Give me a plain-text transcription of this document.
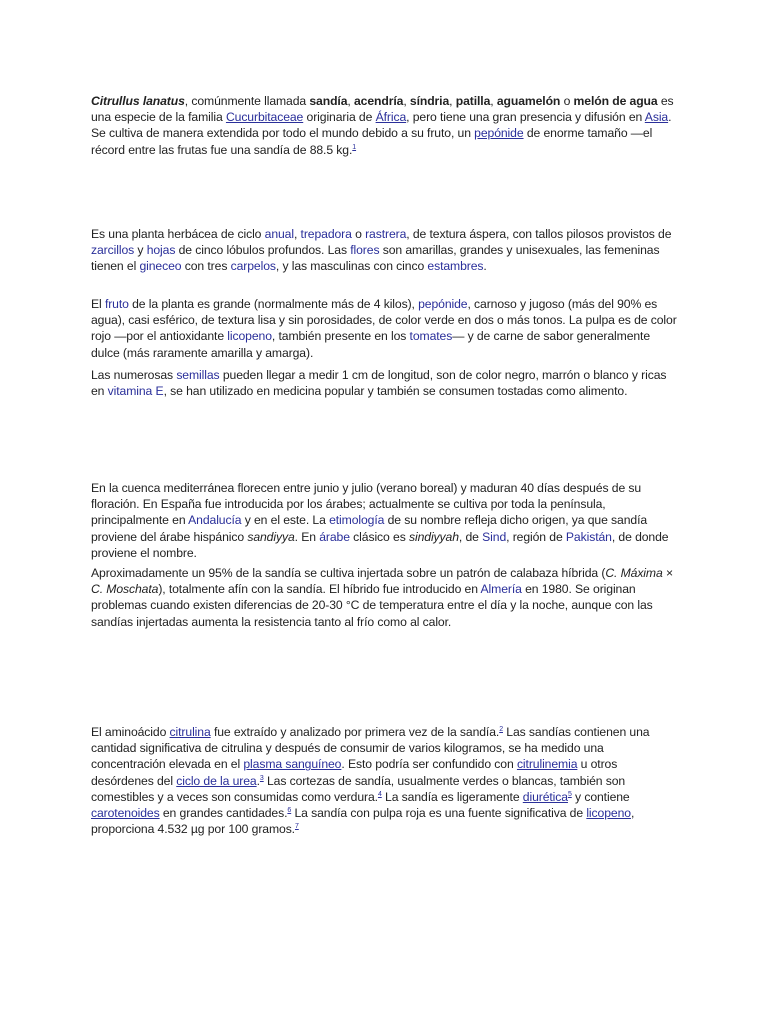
Citrullus lanatus, comúnmente llamada sandía, acendría, síndria, patilla, aguamelón o melón de agua es una especie de la familia Cucurbitaceae originaria de África, pero tiene una gran presencia y difusión en Asia. Se cultiva de manera extendida por todo el mundo debido a su fruto, un pepónide de enorme tamaño —el récord entre las frutas fue una sandía de 88.5 kg.$^1$

Es una planta herbácea de ciclo anual, trepadora o rastrera, de textura áspera, con tallos pilosos provistos de zarcillos y hojas de cinco lóbulos profundos. Las flores son amarillas, grandes y unisexuales, las femeninas tienen el gineceo con tres carpelos, y las masculinas con cinco estambres.

El fruto de la planta es grande (normalmente más de 4 kilos), pepónide, carnoso y jugoso (más del 90% es agua), casi esférico, de textura lisa y sin porosidades, de color verde en dos o más tonos. La pulpa es de color rojo —por el antioxidante licopeno, también presente en los tomates— y de carne de sabor generalmente dulce (más raramente amarilla y amarga).

Las numerosas semillas pueden llegar a medir 1 cm de longitud, son de color negro, marrón o blanco y ricas en vitamina E, se han utilizado en medicina popular y también se consumen tostadas como alimento.

En la cuenca mediterránea florecen entre junio y julio (verano boreal) y maduran 40 días después de su floración. En España fue introducida por los árabes; actualmente se cultiva por toda la península, principalmente en Andalucía y en el este. La etimología de su nombre refleja dicho origen, ya que sandía proviene del árabe hispánico sandiyya. En árabe clásico es sindiyyah, de Sind, región de Pakistán, de donde proviene el nombre.

Aproximadamente un 95% de la sandía se cultiva injertada sobre un patrón de calabaza híbrida (C. Máxima × C. Moschata), totalmente afín con la sandía. El híbrido fue introducido en Almería en 1980. Se originan problemas cuando existen diferencias de 20-30 °C de temperatura entre el día y la noche, aunque con las sandías injertadas aumenta la resistencia tanto al frío como al calor.

El aminoácido citrulina fue extraído y analizado por primera vez de la sandía.$^2$ Las sandías contienen una cantidad significativa de citrulina y después de consumir de varios kilogramos, se ha medido una concentración elevada en el plasma sanguíneo. Esto podría ser confundido con citrulinemia u otros desórdenes del ciclo de la urea.$^3$ Las cortezas de sandía, usualmente verdes o blancas, también son comestibles y a veces son consumidas como verdura.$^4$ La sandía es ligeramente diurética$^5$ y contiene carotenoides en grandes cantidades.$^6$ La sandía con pulpa roja es una fuente significativa de licopeno, proporciona 4.532 µg por 100 gramos.$^7$
